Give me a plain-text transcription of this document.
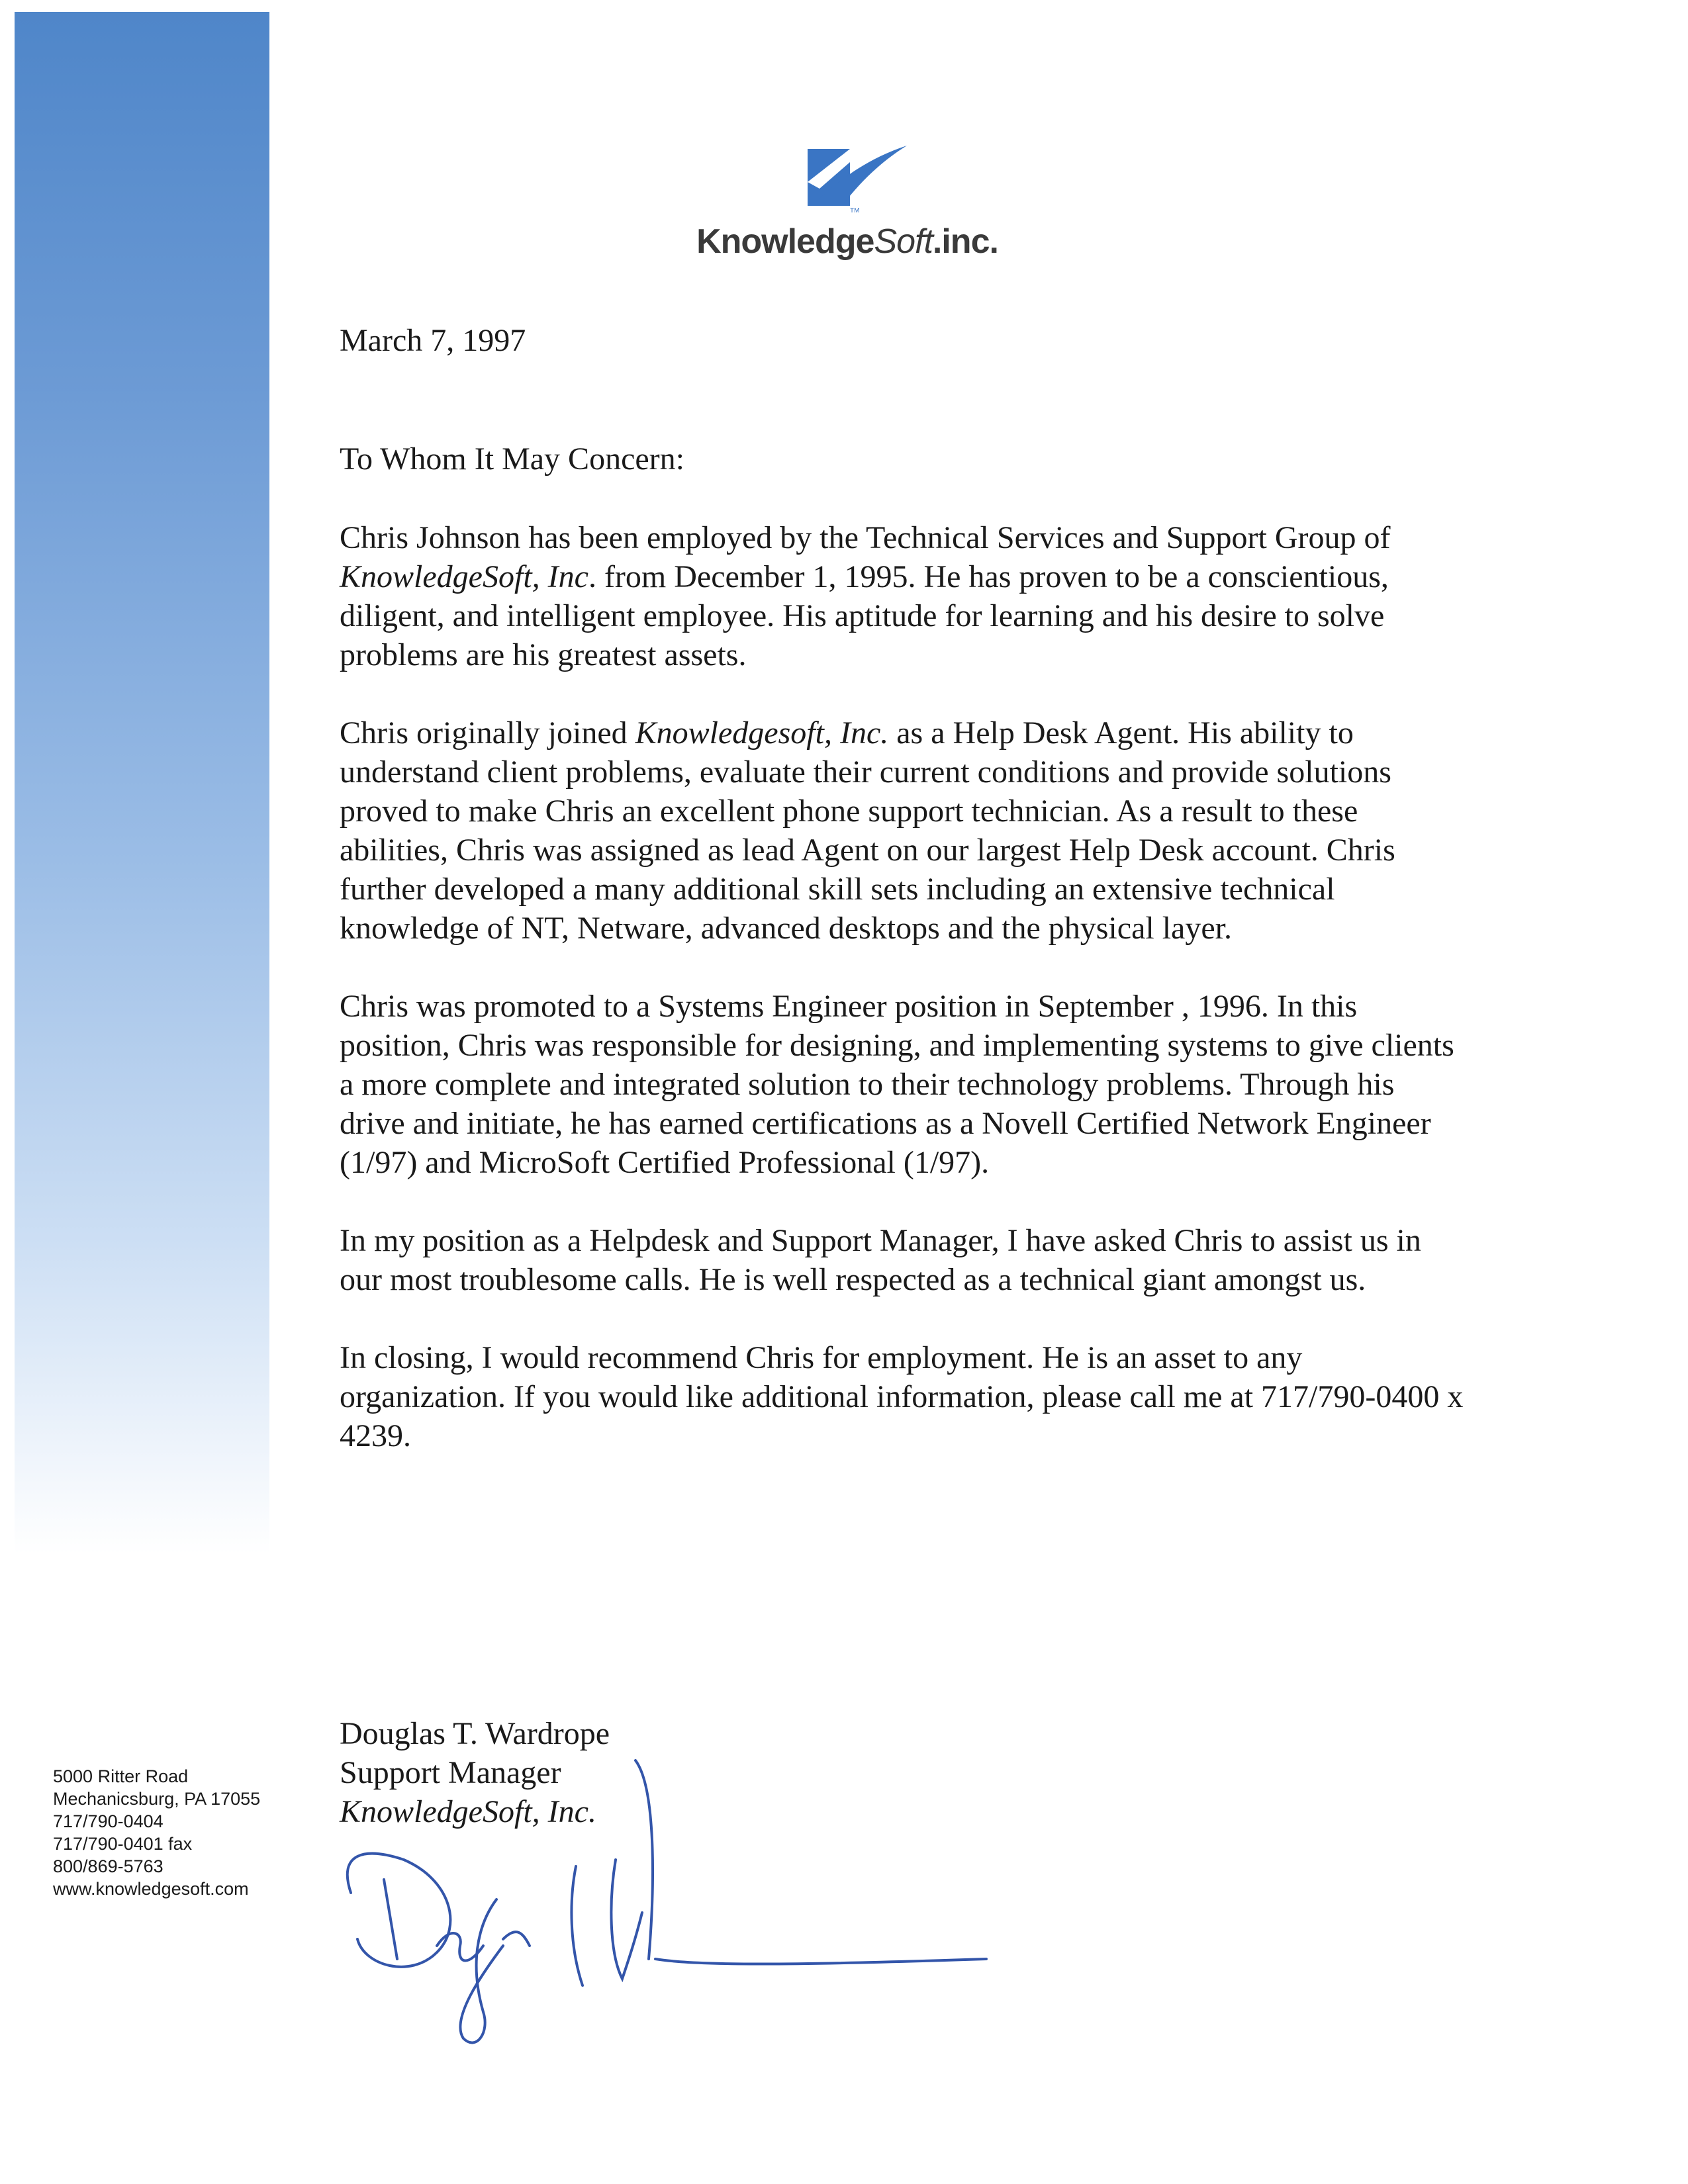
TM
KnowledgeSoft.inc.

March 7, 1997

To Whom It May Concern:

Chris Johnson has been employed by the Technical Services and Support Group of KnowledgeSoft, Inc. from December 1, 1995. He has proven to be a conscientious, diligent, and intelligent employee. His aptitude for learning and his desire to solve problems are his greatest assets.

Chris originally joined Knowledgesoft, Inc. as a Help Desk Agent. His ability to understand client problems, evaluate their current conditions and provide solutions proved to make Chris an excellent phone support technician. As a result to these abilities, Chris was assigned as lead Agent on our largest Help Desk account. Chris further developed a many additional skill sets including an extensive technical knowledge of NT, Netware, advanced desktops and the physical layer.

Chris was promoted to a Systems Engineer position in September , 1996. In this position, Chris was responsible for designing, and implementing systems to give clients a more complete and integrated solution to their technology problems. Through his drive and initiate, he has earned certifications as a Novell Certified Network Engineer (1/97) and MicroSoft Certified Professional (1/97).

In my position as a Helpdesk and Support Manager, I have asked Chris to assist us in our most troublesome calls. He is well respected as a technical giant amongst us.

In closing, I would recommend Chris for employment. He is an asset to any organization. If you would like additional information, please call me at 717/790-0400 x 4239.

Douglas T. Wardrope

Support Manager

KnowledgeSoft, Inc.

5000 Ritter Road
Mechanicsburg, PA 17055
717/790-0404
717/790-0401 fax
800/869-5763
www.knowledgesoft.com
